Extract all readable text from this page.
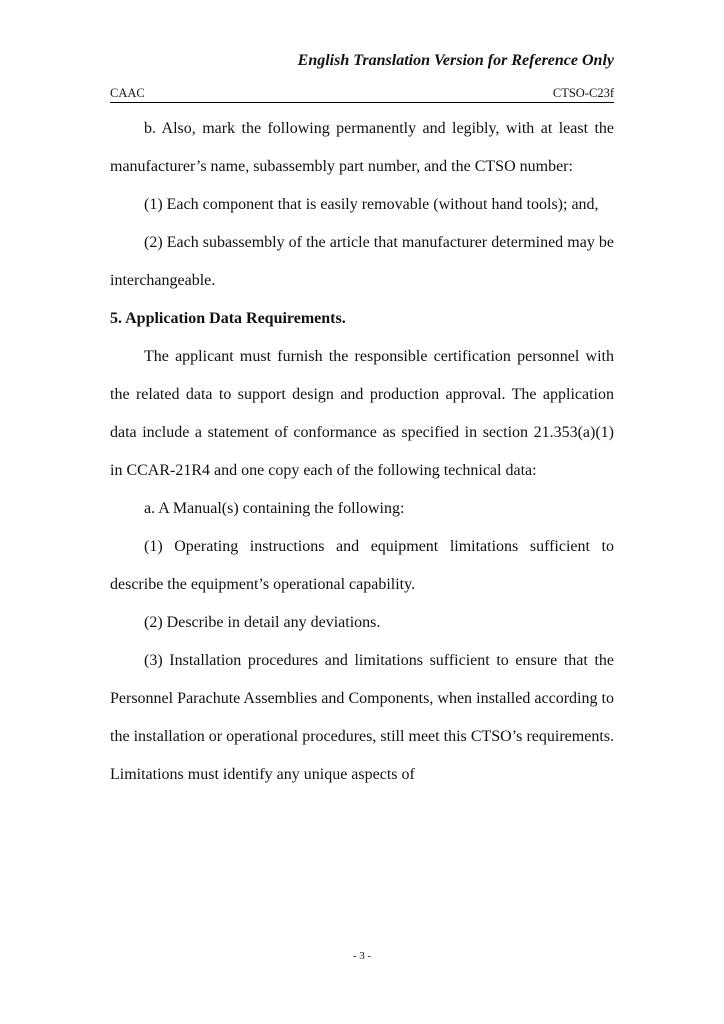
English Translation Version for Reference Only
CAAC	CTSO-C23f

b. Also, mark the following permanently and legibly, with at least the manufacturer’s name, subassembly part number, and the CTSO number:

(1) Each component that is easily removable (without hand tools); and,

(2) Each subassembly of the article that manufacturer determined may be interchangeable.

5. Application Data Requirements.

The applicant must furnish the responsible certification personnel with the related data to support design and production approval. The application data include a statement of conformance as specified in section 21.353(a)(1) in CCAR-21R4 and one copy each of the following technical data:

a. A Manual(s) containing the following:

(1) Operating instructions and equipment limitations sufficient to describe the equipment’s operational capability.

(2) Describe in detail any deviations.

(3) Installation procedures and limitations sufficient to ensure that the Personnel Parachute Assemblies and Components, when installed according to the installation or operational procedures, still meet this CTSO’s requirements. Limitations must identify any unique aspects of

- 3 -
